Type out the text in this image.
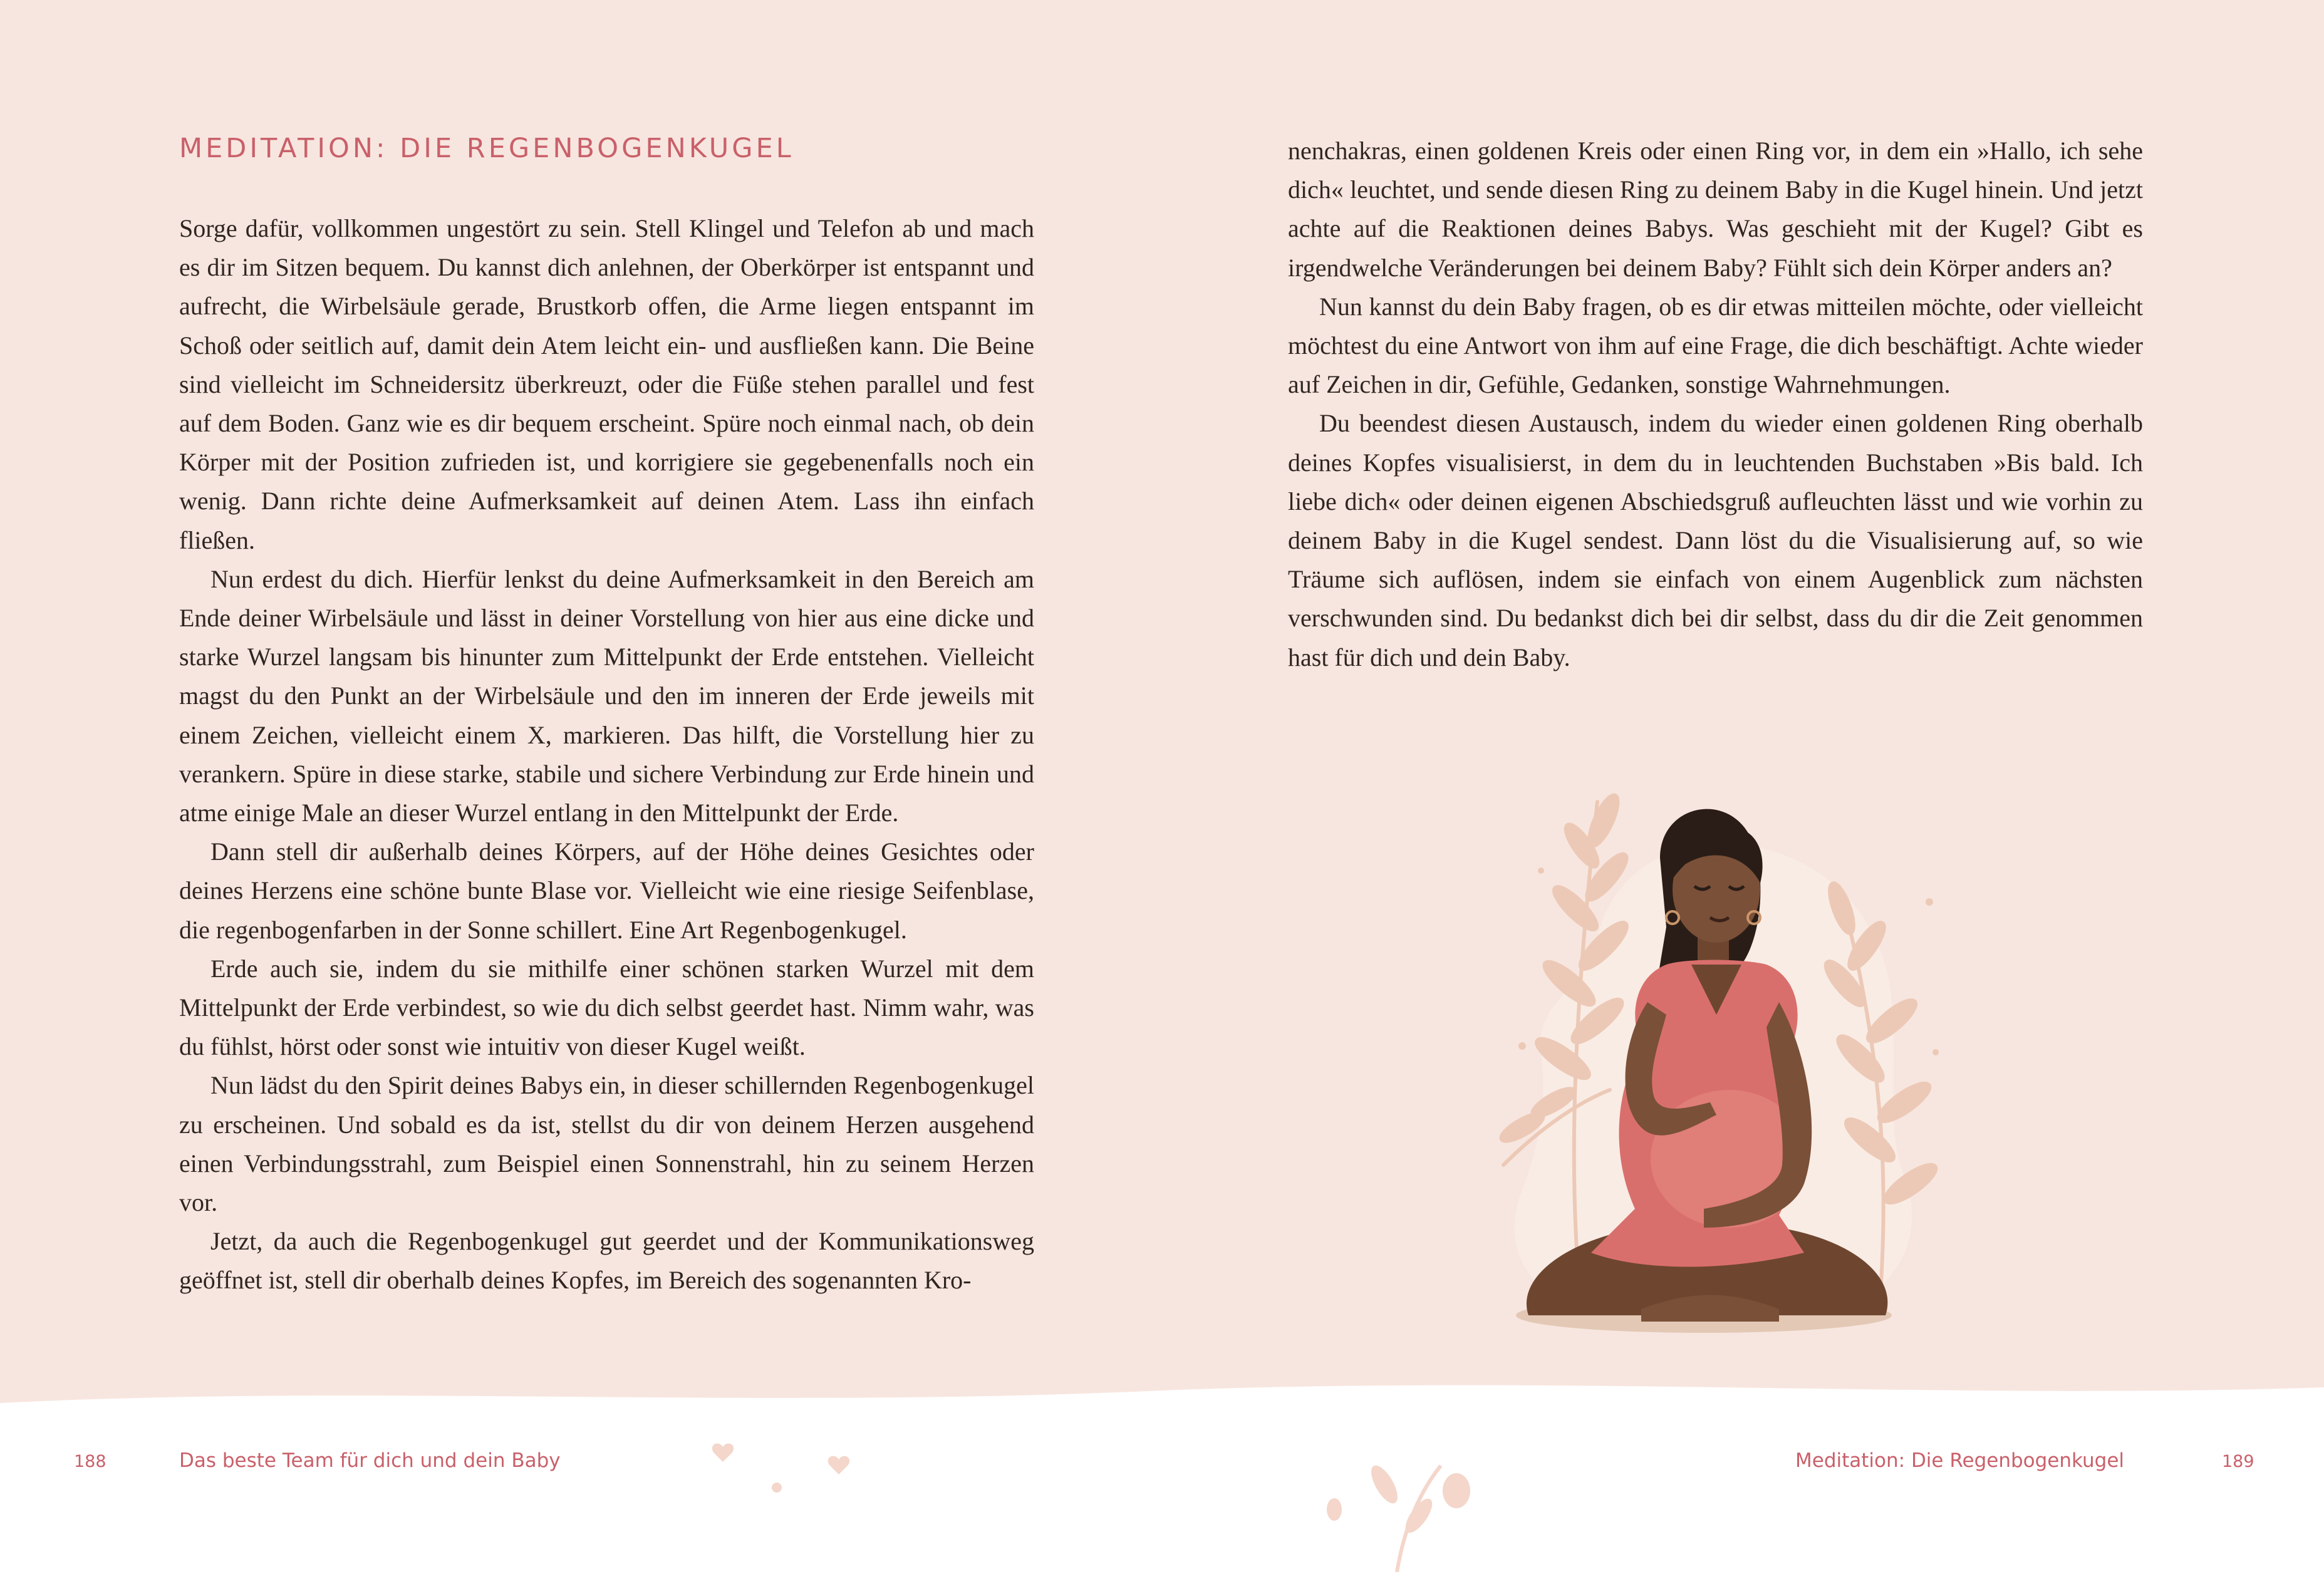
MEDITATION: DIE REGENBOGENKUGEL

Sorge dafür, vollkommen ungestört zu sein. Stell Klingel und Telefon ab und mach es dir im Sitzen bequem. Du kannst dich anlehnen, der Oberkörper ist entspannt und aufrecht, die Wirbelsäule gerade, Brustkorb offen, die Arme liegen entspannt im Schoß oder seitlich auf, damit dein Atem leicht ein- und ausfließen kann. Die Beine sind vielleicht im Schneidersitz überkreuzt, oder die Füße stehen parallel und fest auf dem Boden. Ganz wie es dir bequem erscheint. Spüre noch einmal nach, ob dein Körper mit der Position zufrieden ist, und korrigiere sie gegebenenfalls noch ein wenig. Dann richte deine Aufmerksamkeit auf deinen Atem. Lass ihn einfach fließen.

Nun erdest du dich. Hierfür lenkst du deine Aufmerksamkeit in den Bereich am Ende deiner Wirbelsäule und lässt in deiner Vorstellung von hier aus eine dicke und starke Wurzel langsam bis hinunter zum Mittelpunkt der Erde entstehen. Vielleicht magst du den Punkt an der Wirbelsäule und den im inneren der Erde jeweils mit einem Zeichen, vielleicht einem X, markieren. Das hilft, die Vorstellung hier zu verankern. Spüre in diese starke, stabile und sichere Verbindung zur Erde hinein und atme einige Male an dieser Wurzel entlang in den Mittelpunkt der Erde.

Dann stell dir außerhalb deines Körpers, auf der Höhe deines Gesichtes oder deines Herzens eine schöne bunte Blase vor. Vielleicht wie eine riesige Seifenblase, die regenbogenfarben in der Sonne schillert. Eine Art Regenbogenkugel.

Erde auch sie, indem du sie mithilfe einer schönen starken Wurzel mit dem Mittelpunkt der Erde verbindest, so wie du dich selbst geerdet hast. Nimm wahr, was du fühlst, hörst oder sonst wie intuitiv von dieser Kugel weißt.

Nun lädst du den Spirit deines Babys ein, in dieser schillernden Regenbogenkugel zu erscheinen. Und sobald es da ist, stellst du dir von deinem Herzen ausgehend einen Verbindungsstrahl, zum Beispiel einen Sonnenstrahl, hin zu seinem Herzen vor.

Jetzt, da auch die Regenbogenkugel gut geerdet und der Kommunikationsweg geöffnet ist, stell dir oberhalb deines Kopfes, im Bereich des sogenannten Kro-

nenchakras, einen goldenen Kreis oder einen Ring vor, in dem ein »Hallo, ich sehe dich« leuchtet, und sende diesen Ring zu deinem Baby in die Kugel hinein. Und jetzt achte auf die Reaktionen deines Babys. Was geschieht mit der Kugel? Gibt es irgendwelche Veränderungen bei deinem Baby? Fühlt sich dein Körper anders an?

Nun kannst du dein Baby fragen, ob es dir etwas mitteilen möchte, oder vielleicht möchtest du eine Antwort von ihm auf eine Frage, die dich beschäftigt. Achte wieder auf Zeichen in dir, Gefühle, Gedanken, sonstige Wahrnehmungen.

Du beendest diesen Austausch, indem du wieder einen goldenen Ring oberhalb deines Kopfes visualisierst, in dem du in leuchtenden Buchstaben »Bis bald. Ich liebe dich« oder deinen eigenen Abschiedsgruß aufleuchten lässt und wie vorhin zu deinem Baby in die Kugel sendest. Dann löst du die Visualisierung auf, so wie Träume sich auflösen, indem sie einfach von einem Augenblick zum nächsten verschwunden sind. Du bedankst dich bei dir selbst, dass du dir die Zeit genommen hast für dich und dein Baby.

188	Das beste Team für dich und dein Baby	Meditation: Die Regenbogenkugel	189
